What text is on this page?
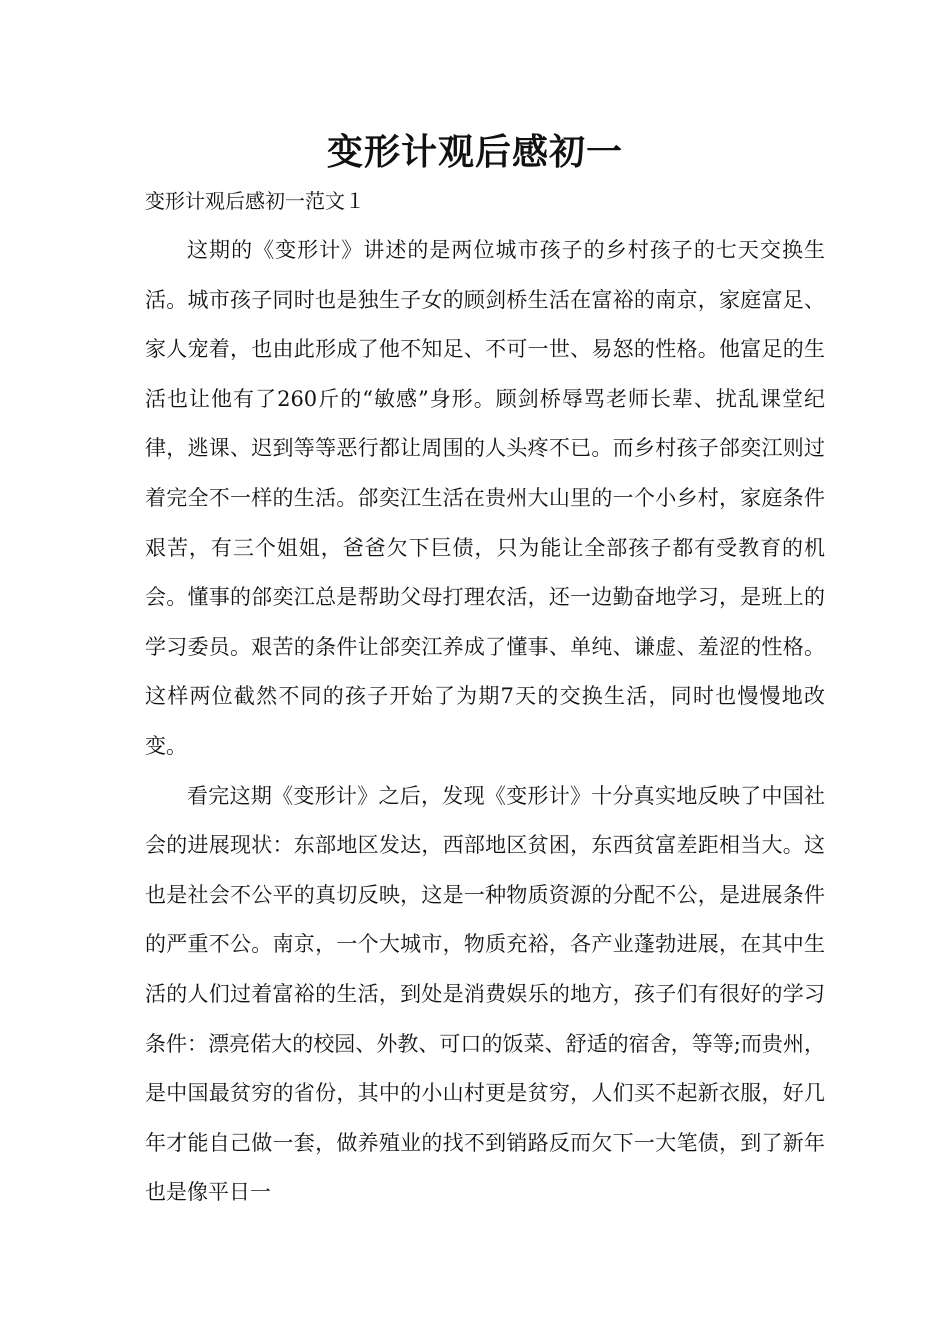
变形计观后感初一
变形计观后感初一范文１

这期的《变形计》讲述的是两位城市孩子的乡村孩子的七天交换生活。城市孩子同时也是独生子女的顾剑桥生活在富裕的南京，家庭富足、家人宠着，也由此形成了他不知足、不可一世、易怒的性格。他富足的生活也让他有了260斤的“敏感”身形。顾剑桥辱骂老师长辈、扰乱课堂纪律，逃课、迟到等等恶行都让周围的人头疼不已。而乡村孩子郃奕江则过着完全不一样的生活。郃奕江生活在贵州大山里的一个小乡村，家庭条件艰苦，有三个姐姐，爸爸欠下巨债，只为能让全部孩子都有受教育的机会。懂事的郃奕江总是帮助父母打理农活，还一边勤奋地学习，是班上的学习委员。艰苦的条件让郃奕江养成了懂事、单纯、谦虚、羞涩的性格。这样两位截然不同的孩子开始了为期7天的交换生活，同时也慢慢地改变。

看完这期《变形计》之后，发现《变形计》十分真实地反映了中国社会的进展现状：东部地区发达，西部地区贫困，东西贫富差距相当大。这也是社会不公平的真切反映，这是一种物质资源的分配不公，是进展条件的严重不公。南京，一个大城市，物质充裕，各产业蓬勃进展，在其中生活的人们过着富裕的生活，到处是消费娱乐的地方，孩子们有很好的学习条件：漂亮偌大的校园、外教、可口的饭菜、舒适的宿舍，等等;而贵州，是中国最贫穷的省份，其中的小山村更是贫穷，人们买不起新衣服，好几年才能自己做一套，做养殖业的找不到销路反而欠下一大笔债，到了新年也是像平日一
